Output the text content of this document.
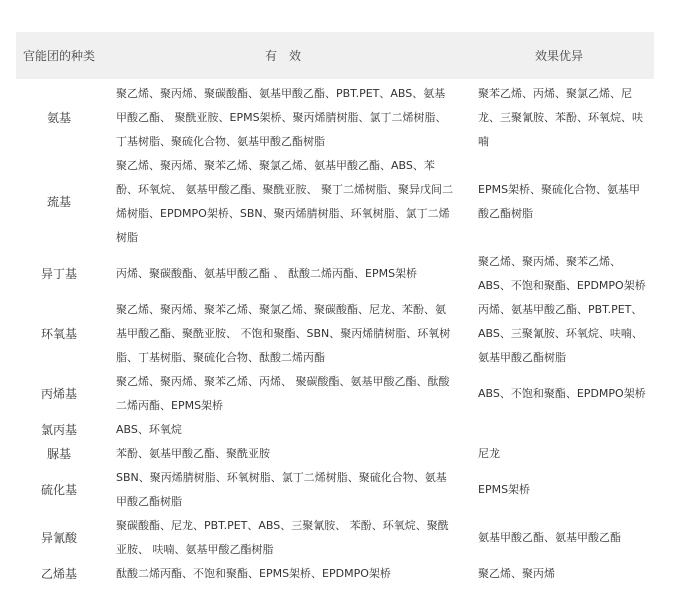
官能团的种类	有　效	效果优异

氨基	聚乙烯、聚丙烯、聚碳酸酯、氨基甲酸乙酯、PBT.PET、ABS、氨基甲酸乙酯、 聚酰亚胺、EPMS架桥、聚丙烯腈树脂、氯丁二烯树脂、丁基树脂、聚硫化合物、氨基甲酸乙酯树脂	聚苯乙烯、丙烯、聚氯乙烯、尼龙、三聚氰胺、苯酚、环氧烷、呋喃
巯基	聚乙烯、聚丙烯、聚苯乙烯、聚氯乙烯、氨基甲酸乙酯、ABS、苯酚、环氧烷、 氨基甲酸乙酯、聚酰亚胺、 聚丁二烯树脂、聚异戊间二烯树脂、EPDMPO架桥、SBN、聚丙烯腈树脂、环氧树脂、氯丁二烯树脂	EPMS架桥、聚硫化合物、氨基甲酸乙酯树脂
异丁基	丙烯、聚碳酸酯、氨基甲酸乙酯 、 酞酸二烯丙酯、EPMS架桥	聚乙烯、聚丙烯、聚苯乙烯、ABS、不饱和聚酯、EPDMPO架桥
环氧基	聚乙烯、聚丙烯、聚苯乙烯、聚氯乙烯、聚碳酸酯、尼龙、苯酚、氨基甲酸乙酯、聚酰亚胺、 不饱和聚酯、SBN、聚丙烯腈树脂、环氧树脂、丁基树脂、聚硫化合物、酞酸二烯丙酯	丙烯、氨基甲酸乙酯、PBT.PET、ABS、三聚氰胺、环氧烷、呋喃、氨基甲酸乙酯树脂
丙烯基	聚乙烯、聚丙烯、聚苯乙烯、丙烯、 聚碳酸酯、氨基甲酸乙酯、酞酸二烯丙酯、EPMS架桥	ABS、不饱和聚酯、EPDMPO架桥
氯丙基	ABS、环氧烷	
脲基	苯酚、氨基甲酸乙酯、聚酰亚胺	尼龙
硫化基	SBN、聚丙烯腈树脂、环氧树脂、氯丁二烯树脂、聚硫化合物、氨基甲酸乙酯树脂	EPMS架桥
异氰酸	聚碳酸酯、尼龙、PBT.PET、ABS、三聚氰胺、 苯酚、环氧烷、聚酰亚胺、 呋喃、氨基甲酸乙酯树脂	氨基甲酸乙酯、氨基甲酸乙酯
乙烯基	酞酸二烯丙酯、不饱和聚酯、EPMS架桥、EPDMPO架桥	聚乙烯、聚丙烯
